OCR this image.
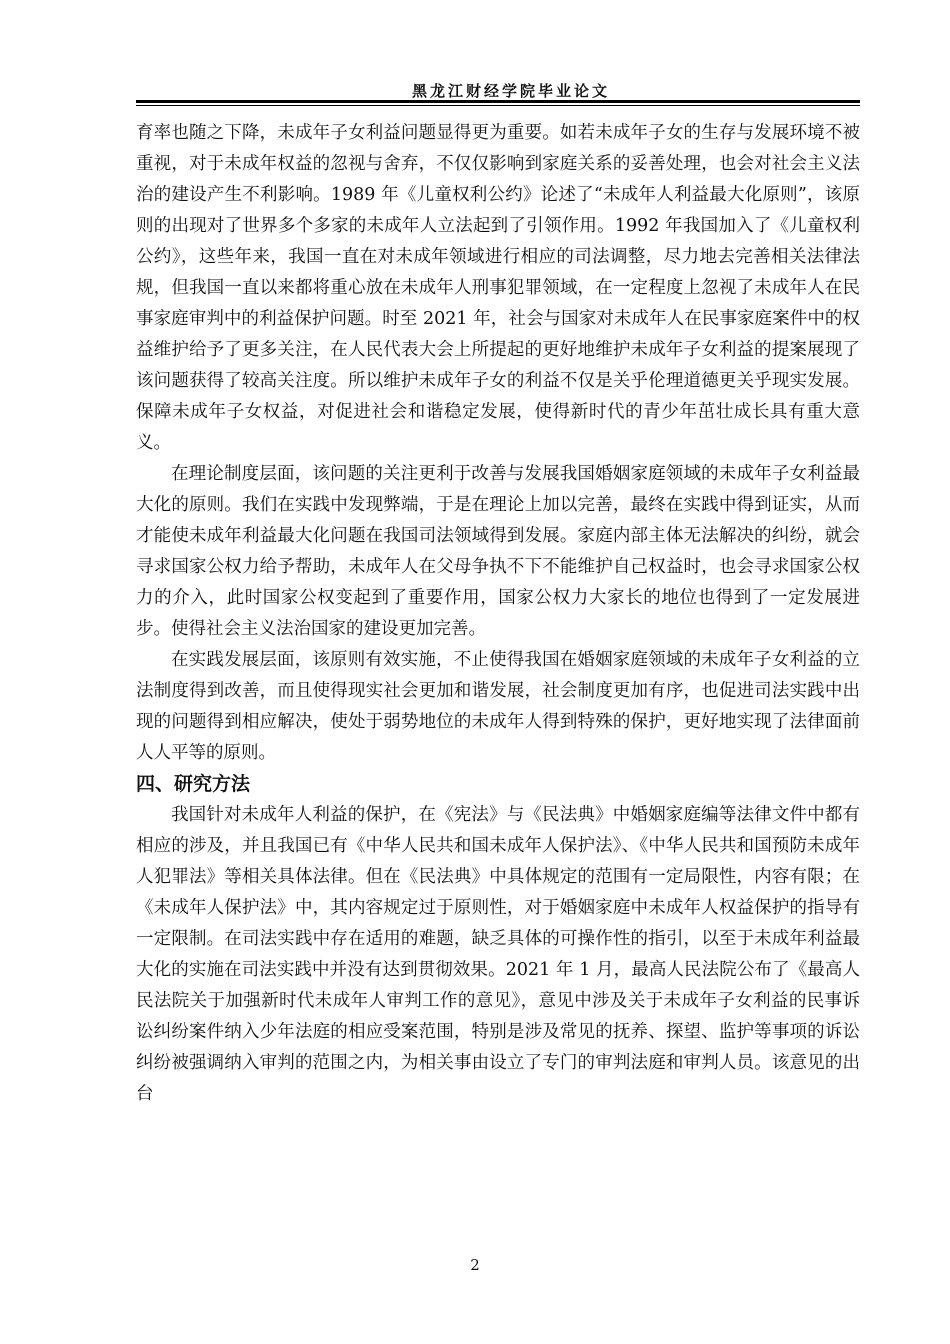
黑龙江财经学院毕业论文

育率也随之下降，未成年子女利益问题显得更为重要。如若未成年子女的生存与发展环境不被重视，对于未成年权益的忽视与舍弃，不仅仅影响到家庭关系的妥善处理，也会对社会主义法治的建设产生不利影响。1989 年《儿童权利公约》论述了“未成年人利益最大化原则”，该原则的出现对了世界多个多家的未成年人立法起到了引领作用。1992 年我国加入了《儿童权利公约》，这些年来，我国一直在对未成年领域进行相应的司法调整，尽力地去完善相关法律法规，但我国一直以来都将重心放在未成年人刑事犯罪领域，在一定程度上忽视了未成年人在民事家庭审判中的利益保护问题。时至 2021 年，社会与国家对未成年人在民事家庭案件中的权益维护给予了更多关注，在人民代表大会上所提起的更好地维护未成年子女利益的提案展现了该问题获得了较高关注度。所以维护未成年子女的利益不仅是关乎伦理道德更关乎现实发展。保障未成年子女权益，对促进社会和谐稳定发展，使得新时代的青少年茁壮成长具有重大意义。

在理论制度层面，该问题的关注更利于改善与发展我国婚姻家庭领域的未成年子女利益最大化的原则。我们在实践中发现弊端，于是在理论上加以完善，最终在实践中得到证实，从而才能使未成年利益最大化问题在我国司法领域得到发展。家庭内部主体无法解决的纠纷，就会寻求国家公权力给予帮助，未成年人在父母争执不下不能维护自己权益时，也会寻求国家公权力的介入，此时国家公权变起到了重要作用，国家公权力大家长的地位也得到了一定发展进步。使得社会主义法治国家的建设更加完善。

在实践发展层面，该原则有效实施，不止使得我国在婚姻家庭领域的未成年子女利益的立法制度得到改善，而且使得现实社会更加和谐发展，社会制度更加有序，也促进司法实践中出现的问题得到相应解决，使处于弱势地位的未成年人得到特殊的保护，更好地实现了法律面前人人平等的原则。

四、研究方法

我国针对未成年人利益的保护，在《宪法》与《民法典》中婚姻家庭编等法律文件中都有相应的涉及，并且我国已有《中华人民共和国未成年人保护法》、《中华人民共和国预防未成年人犯罪法》等相关具体法律。但在《民法典》中具体规定的范围有一定局限性，内容有限；在《未成年人保护法》中，其内容规定过于原则性，对于婚姻家庭中未成年人权益保护的指导有一定限制。在司法实践中存在适用的难题，缺乏具体的可操作性的指引，以至于未成年利益最大化的实施在司法实践中并没有达到贯彻效果。2021 年 1 月，最高人民法院公布了《最高人民法院关于加强新时代未成年人审判工作的意见》，意见中涉及关于未成年子女利益的民事诉讼纠纷案件纳入少年法庭的相应受案范围，特别是涉及常见的抚养、探望、监护等事项的诉讼纠纷被强调纳入审判的范围之内，为相关事由设立了专门的审判法庭和审判人员。该意见的出台

2
